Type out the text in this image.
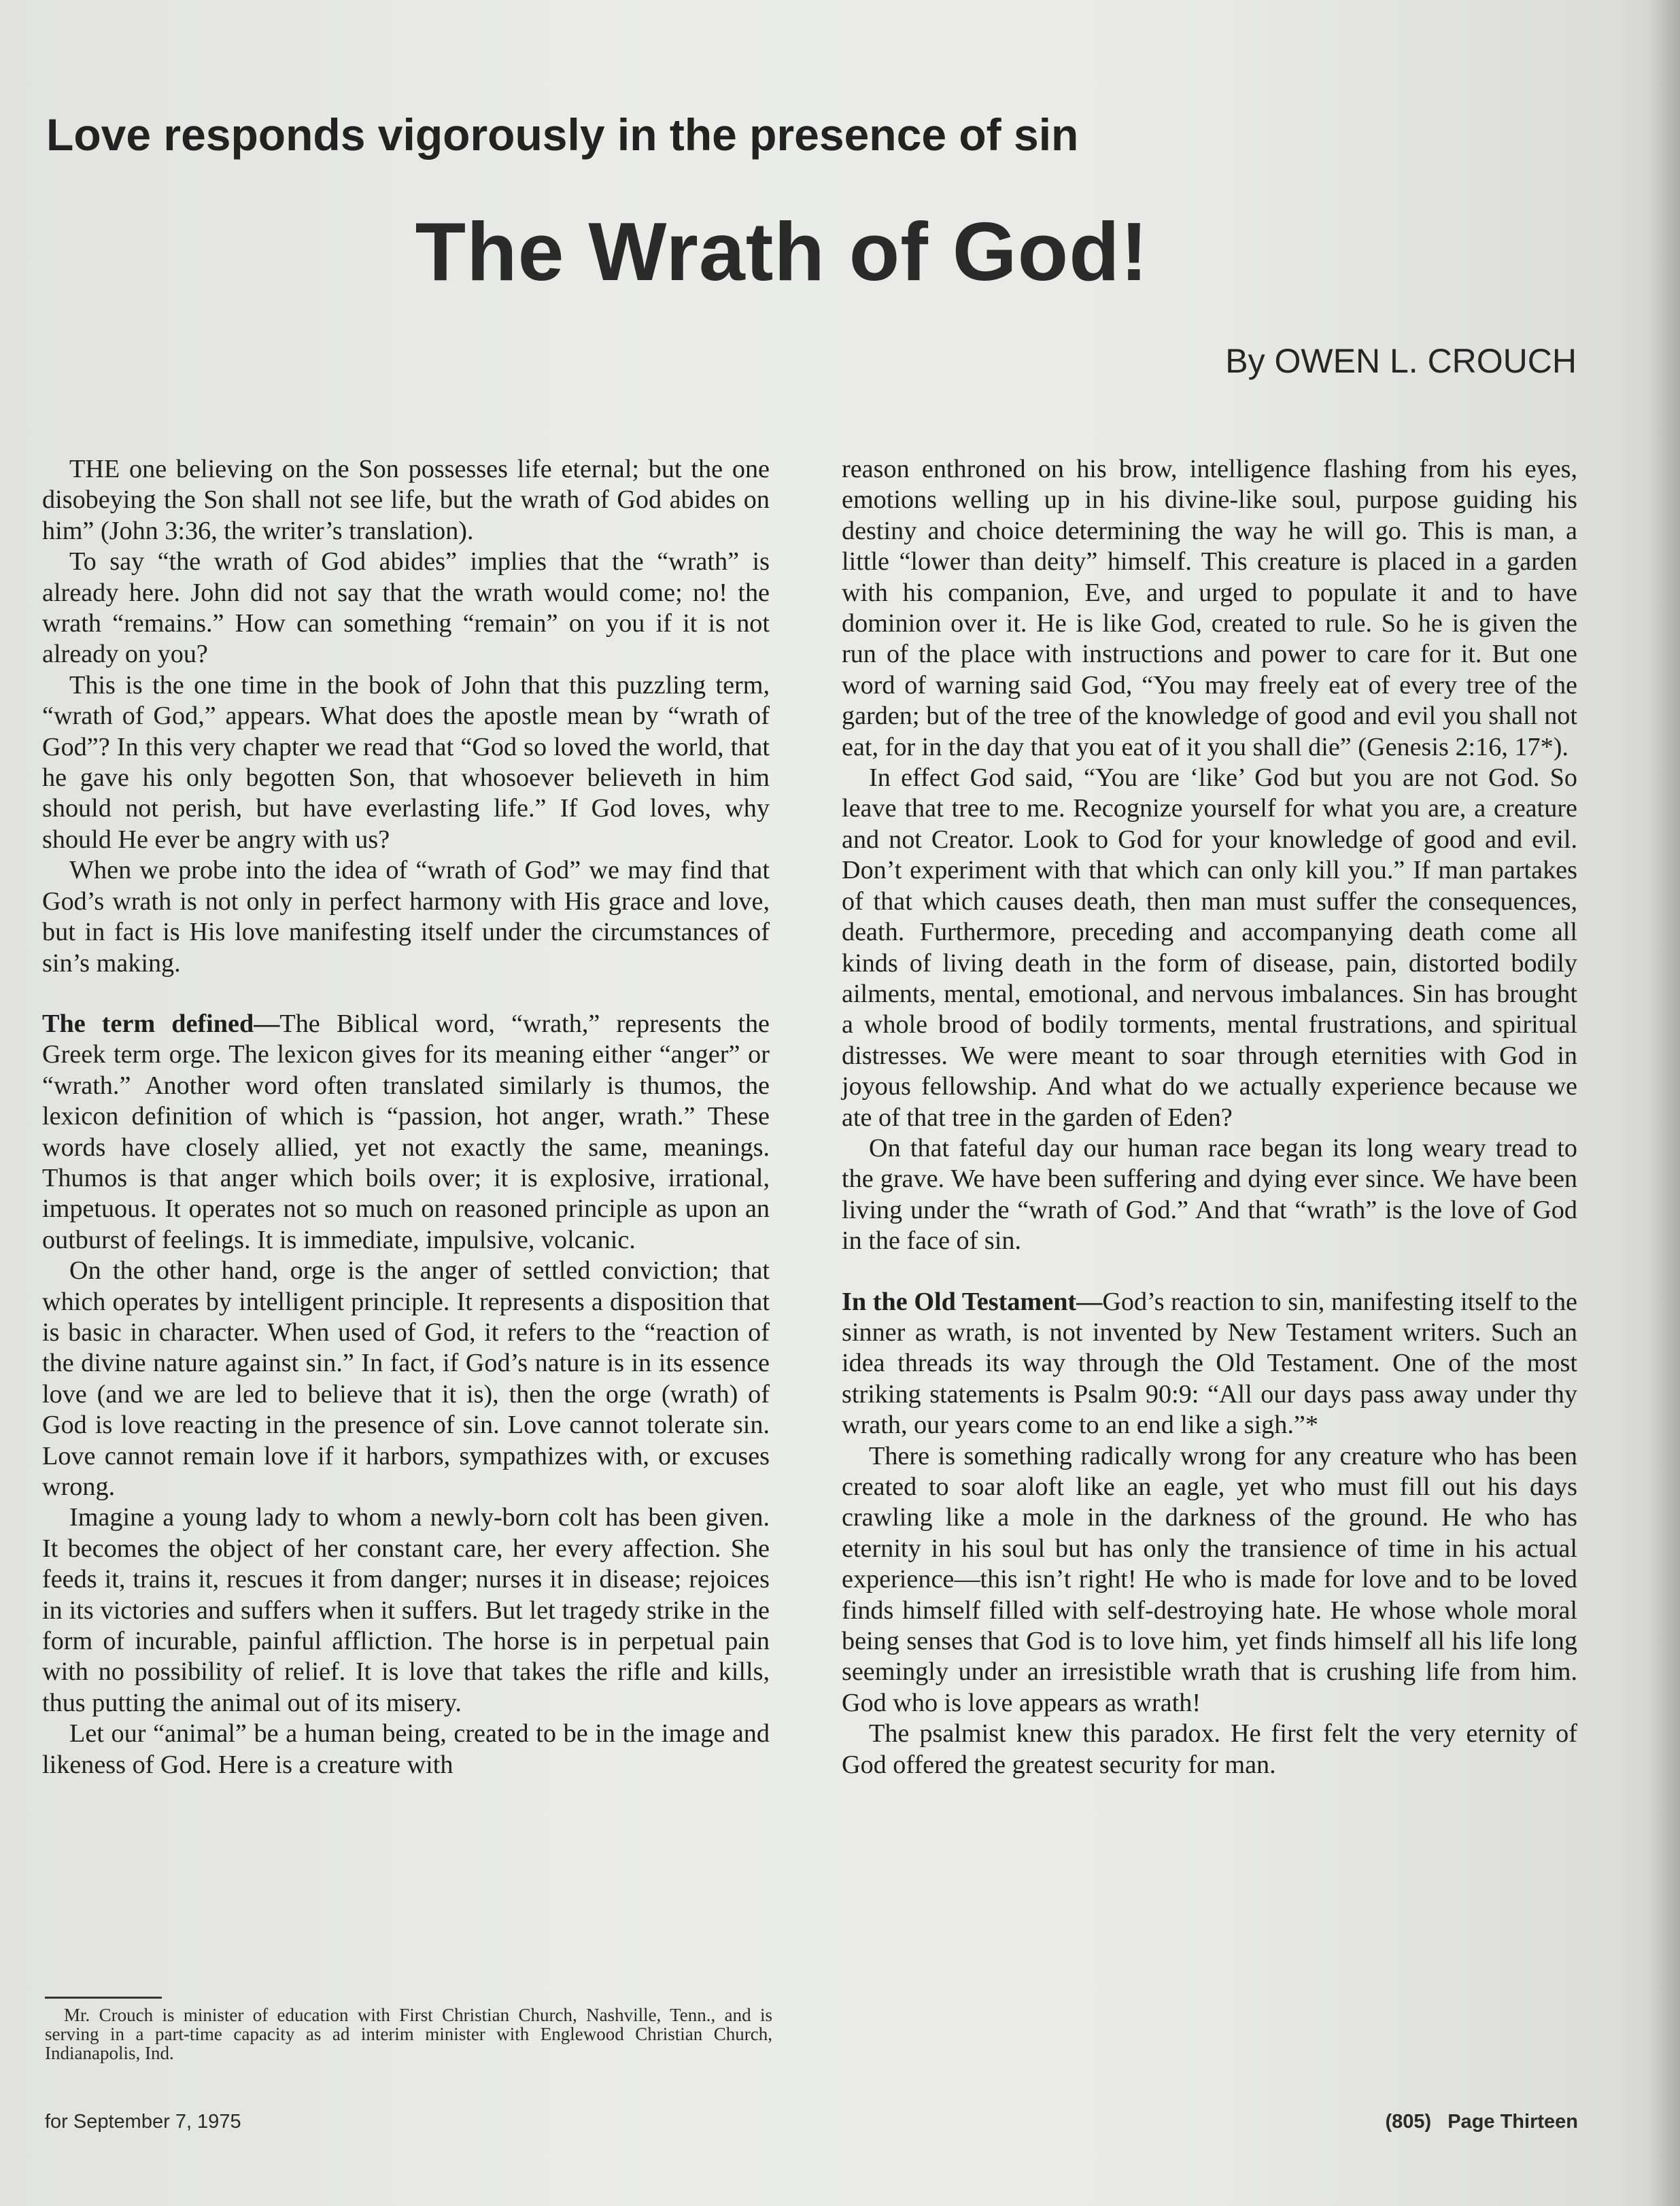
Love responds vigorously in the presence of sin
The Wrath of God!
By OWEN L. CROUCH

THE one believing on the Son possesses life eternal; but the one disobeying the Son shall not see life, but the wrath of God abides on him” (John 3:36, the writer’s translation).

To say “the wrath of God abides” implies that the “wrath” is already here. John did not say that the wrath would come; no! the wrath “remains.” How can something “remain” on you if it is not already on you?

This is the one time in the book of John that this puzzling term, “wrath of God,” appears. What does the apostle mean by “wrath of God”? In this very chapter we read that “God so loved the world, that he gave his only begotten Son, that whosoever believeth in him should not perish, but have everlasting life.” If God loves, why should He ever be angry with us?

When we probe into the idea of “wrath of God” we may find that God’s wrath is not only in perfect harmony with His grace and love, but in fact is His love manifesting itself under the circumstances of sin’s making.

The term defined—The Biblical word, “wrath,” represents the Greek term orge. The lexicon gives for its meaning either “anger” or “wrath.” Another word often translated similarly is thumos, the lexicon definition of which is “passion, hot anger, wrath.” These words have closely allied, yet not exactly the same, meanings. Thumos is that anger which boils over; it is explosive, irrational, impetuous. It operates not so much on reasoned principle as upon an outburst of feelings. It is immediate, impulsive, volcanic.

On the other hand, orge is the anger of settled conviction; that which operates by intelligent principle. It represents a disposition that is basic in character. When used of God, it refers to the “reaction of the divine nature against sin.” In fact, if God’s nature is in its essence love (and we are led to believe that it is), then the orge (wrath) of God is love reacting in the presence of sin. Love cannot tolerate sin. Love cannot remain love if it harbors, sympathizes with, or excuses wrong.

Imagine a young lady to whom a newly-born colt has been given. It becomes the object of her constant care, her every affection. She feeds it, trains it, rescues it from danger; nurses it in disease; rejoices in its victories and suffers when it suffers. But let tragedy strike in the form of incurable, painful affliction. The horse is in perpetual pain with no possibility of relief. It is love that takes the rifle and kills, thus putting the animal out of its misery.

Let our “animal” be a human being, created to be in the image and likeness of God. Here is a creature with

reason enthroned on his brow, intelligence flashing from his eyes, emotions welling up in his divine-like soul, purpose guiding his destiny and choice determining the way he will go. This is man, a little “lower than deity” himself. This creature is placed in a garden with his companion, Eve, and urged to populate it and to have dominion over it. He is like God, created to rule. So he is given the run of the place with instructions and power to care for it. But one word of warning said God, “You may freely eat of every tree of the garden; but of the tree of the knowledge of good and evil you shall not eat, for in the day that you eat of it you shall die” (Genesis 2:16, 17*).

In effect God said, “You are ‘like’ God but you are not God. So leave that tree to me. Recognize yourself for what you are, a creature and not Creator. Look to God for your knowledge of good and evil. Don’t experiment with that which can only kill you.” If man partakes of that which causes death, then man must suffer the consequences, death. Furthermore, preceding and accompanying death come all kinds of living death in the form of disease, pain, distorted bodily ailments, mental, emotional, and nervous imbalances. Sin has brought a whole brood of bodily torments, mental frustrations, and spiritual distresses. We were meant to soar through eternities with God in joyous fellowship. And what do we actually experience because we ate of that tree in the garden of Eden?

On that fateful day our human race began its long weary tread to the grave. We have been suffering and dying ever since. We have been living under the “wrath of God.” And that “wrath” is the love of God in the face of sin.

In the Old Testament—God’s reaction to sin, manifesting itself to the sinner as wrath, is not invented by New Testament writers. Such an idea threads its way through the Old Testament. One of the most striking statements is Psalm 90:9: “All our days pass away under thy wrath, our years come to an end like a sigh.”*

There is something radically wrong for any creature who has been created to soar aloft like an eagle, yet who must fill out his days crawling like a mole in the darkness of the ground. He who has eternity in his soul but has only the transience of time in his actual experience—this isn’t right! He who is made for love and to be loved finds himself filled with self-destroying hate. He whose whole moral being senses that God is to love him, yet finds himself all his life long seemingly under an irresistible wrath that is crushing life from him. God who is love appears as wrath!

The psalmist knew this paradox. He first felt the very eternity of God offered the greatest security for man.

Mr. Crouch is minister of education with First Christian Church, Nashville, Tenn., and is serving in a part-time capacity as ad interim minister with Englewood Christian Church, Indianapolis, Ind.
for September 7, 1975	(805) Page Thirteen
